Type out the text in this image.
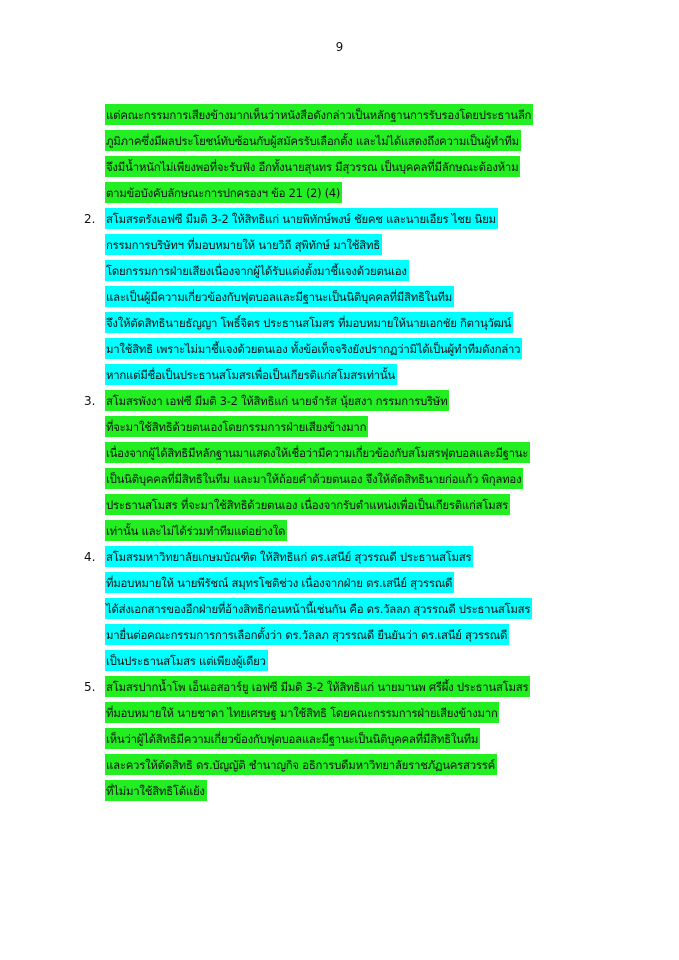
9
แต่คณะกรรมการเสียงข้างมากเห็นว่าหนังสือดังกล่าวเป็นหลักฐานการรับรองโดยประธานลีก
ภูมิภาคซึ่งมีผลประโยชน์ทับซ้อนกับผู้สมัครรับเลือกตั้ง และไม่ได้แสดงถึงความเป็นผู้ทำทีม
จึงมีน้ำหนักไม่เพียงพอที่จะรับฟัง อีกทั้งนายสุนทร มีสุวรรณ เป็นบุคคลที่มีลักษณะต้องห้าม
ตามข้อบังคับลักษณะการปกครองฯ ข้อ 21 (2) (4)
2. สโมสรตรังเอฟซี มีมติ 3-2 ให้สิทธิแก่ นายพิทักษ์พงษ์ ชัยคช และนายเอียร ไชย นิยม
กรรมการบริษัทฯ ที่มอบหมายให้ นายวิถี สุพิทักษ์ มาใช้สิทธิ
โดยกรรมการฝ่ายเสียงเนื่องจากผู้ได้รับแต่งตั้งมาชี้แจงด้วยตนเอง
และเป็นผู้มีความเกี่ยวข้องกับฟุตบอลและมีฐานะเป็นนิติบุคคลที่มีสิทธิในทีม
จึงให้ตัดสิทธินายธัญญา โพธิ์จิตร ประธานสโมสร ที่มอบหมายให้นายเอกชัย กิตานุวัฒน์
มาใช้สิทธิ เพราะไม่มาชี้แจงด้วยตนเอง ทั้งข้อเท็จจริงยังปรากฏว่ามิได้เป็นผู้ทำทีมดังกล่าว
หากแต่มีชื่อเป็นประธานสโมสรเพื่อเป็นเกียรติแก่สโมสรเท่านั้น
3. สโมสรพังงา เอฟซี มีมติ 3-2 ให้สิทธิแก่ นายจำรัส นุ้ยสงา กรรมการบริษัท
ที่จะมาใช้สิทธิด้วยตนเองโดยกรรมการฝ่ายเสียงข้างมาก
เนื่องจากผู้ได้สิทธิมีหลักฐานมาแสดงให้เชื่อว่ามีความเกี่ยวข้องกับสโมสรฟุตบอลและมีฐานะ
เป็นนิติบุคคลที่มีสิทธิในทีม และมาให้ถ้อยคำด้วยตนเอง จึงให้ตัดสิทธินายก่อแก้ว พิกุลทอง
ประธานสโมสร ที่จะมาใช้สิทธิด้วยตนเอง เนื่องจากรับตำแหน่งเพื่อเป็นเกียรติแก่สโมสร
เท่านั้น และไม่ได้ร่วมทำทีมแต่อย่างใด
4. สโมสรมหาวิทยาลัยเกษมบัณฑิต ให้สิทธิแก่ ดร.เสนีย์ สุวรรณดี ประธานสโมสร
ที่มอบหมายให้ นายพีรัชณ์ สมุทรโชติช่วง เนื่องจากฝ่าย ดร.เสนีย์ สุวรรณดี
ได้ส่งเอกสารของอีกฝ่ายที่อ้างสิทธิก่อนหน้านี้เช่นกัน คือ ดร.วัลลภ สุวรรณดี ประธานสโมสร
มายื่นต่อคณะกรรมการการเลือกตั้งว่า ดร.วัลลภ สุวรรณดี ยืนยันว่า ดร.เสนีย์ สุวรรณดี
เป็นประธานสโมสร แต่เพียงผู้เดียว
5. สโมสรปากน้ำโพ เอ็นเอสอาร์ยู เอฟซี มีมติ 3-2 ให้สิทธิแก่ นายมานพ ศรีผึ้ง ประธานสโมสร
ที่มอบหมายให้ นายชาดา ไทยเศรษฐ มาใช้สิทธิ โดยคณะกรรมการฝ่ายเสียงข้างมาก
เห็นว่าผู้ได้สิทธิมีความเกี่ยวข้องกับฟุตบอลและมีฐานะเป็นนิติบุคคลที่มีสิทธิในทีม
และควรให้ตัดสิทธิ ดร.บัญญัติ ชำนาญกิจ อธิการบดีมหาวิทยาลัยราชภัฏนครสวรรค์
ที่ไม่มาใช้สิทธิโต้แย้ง
